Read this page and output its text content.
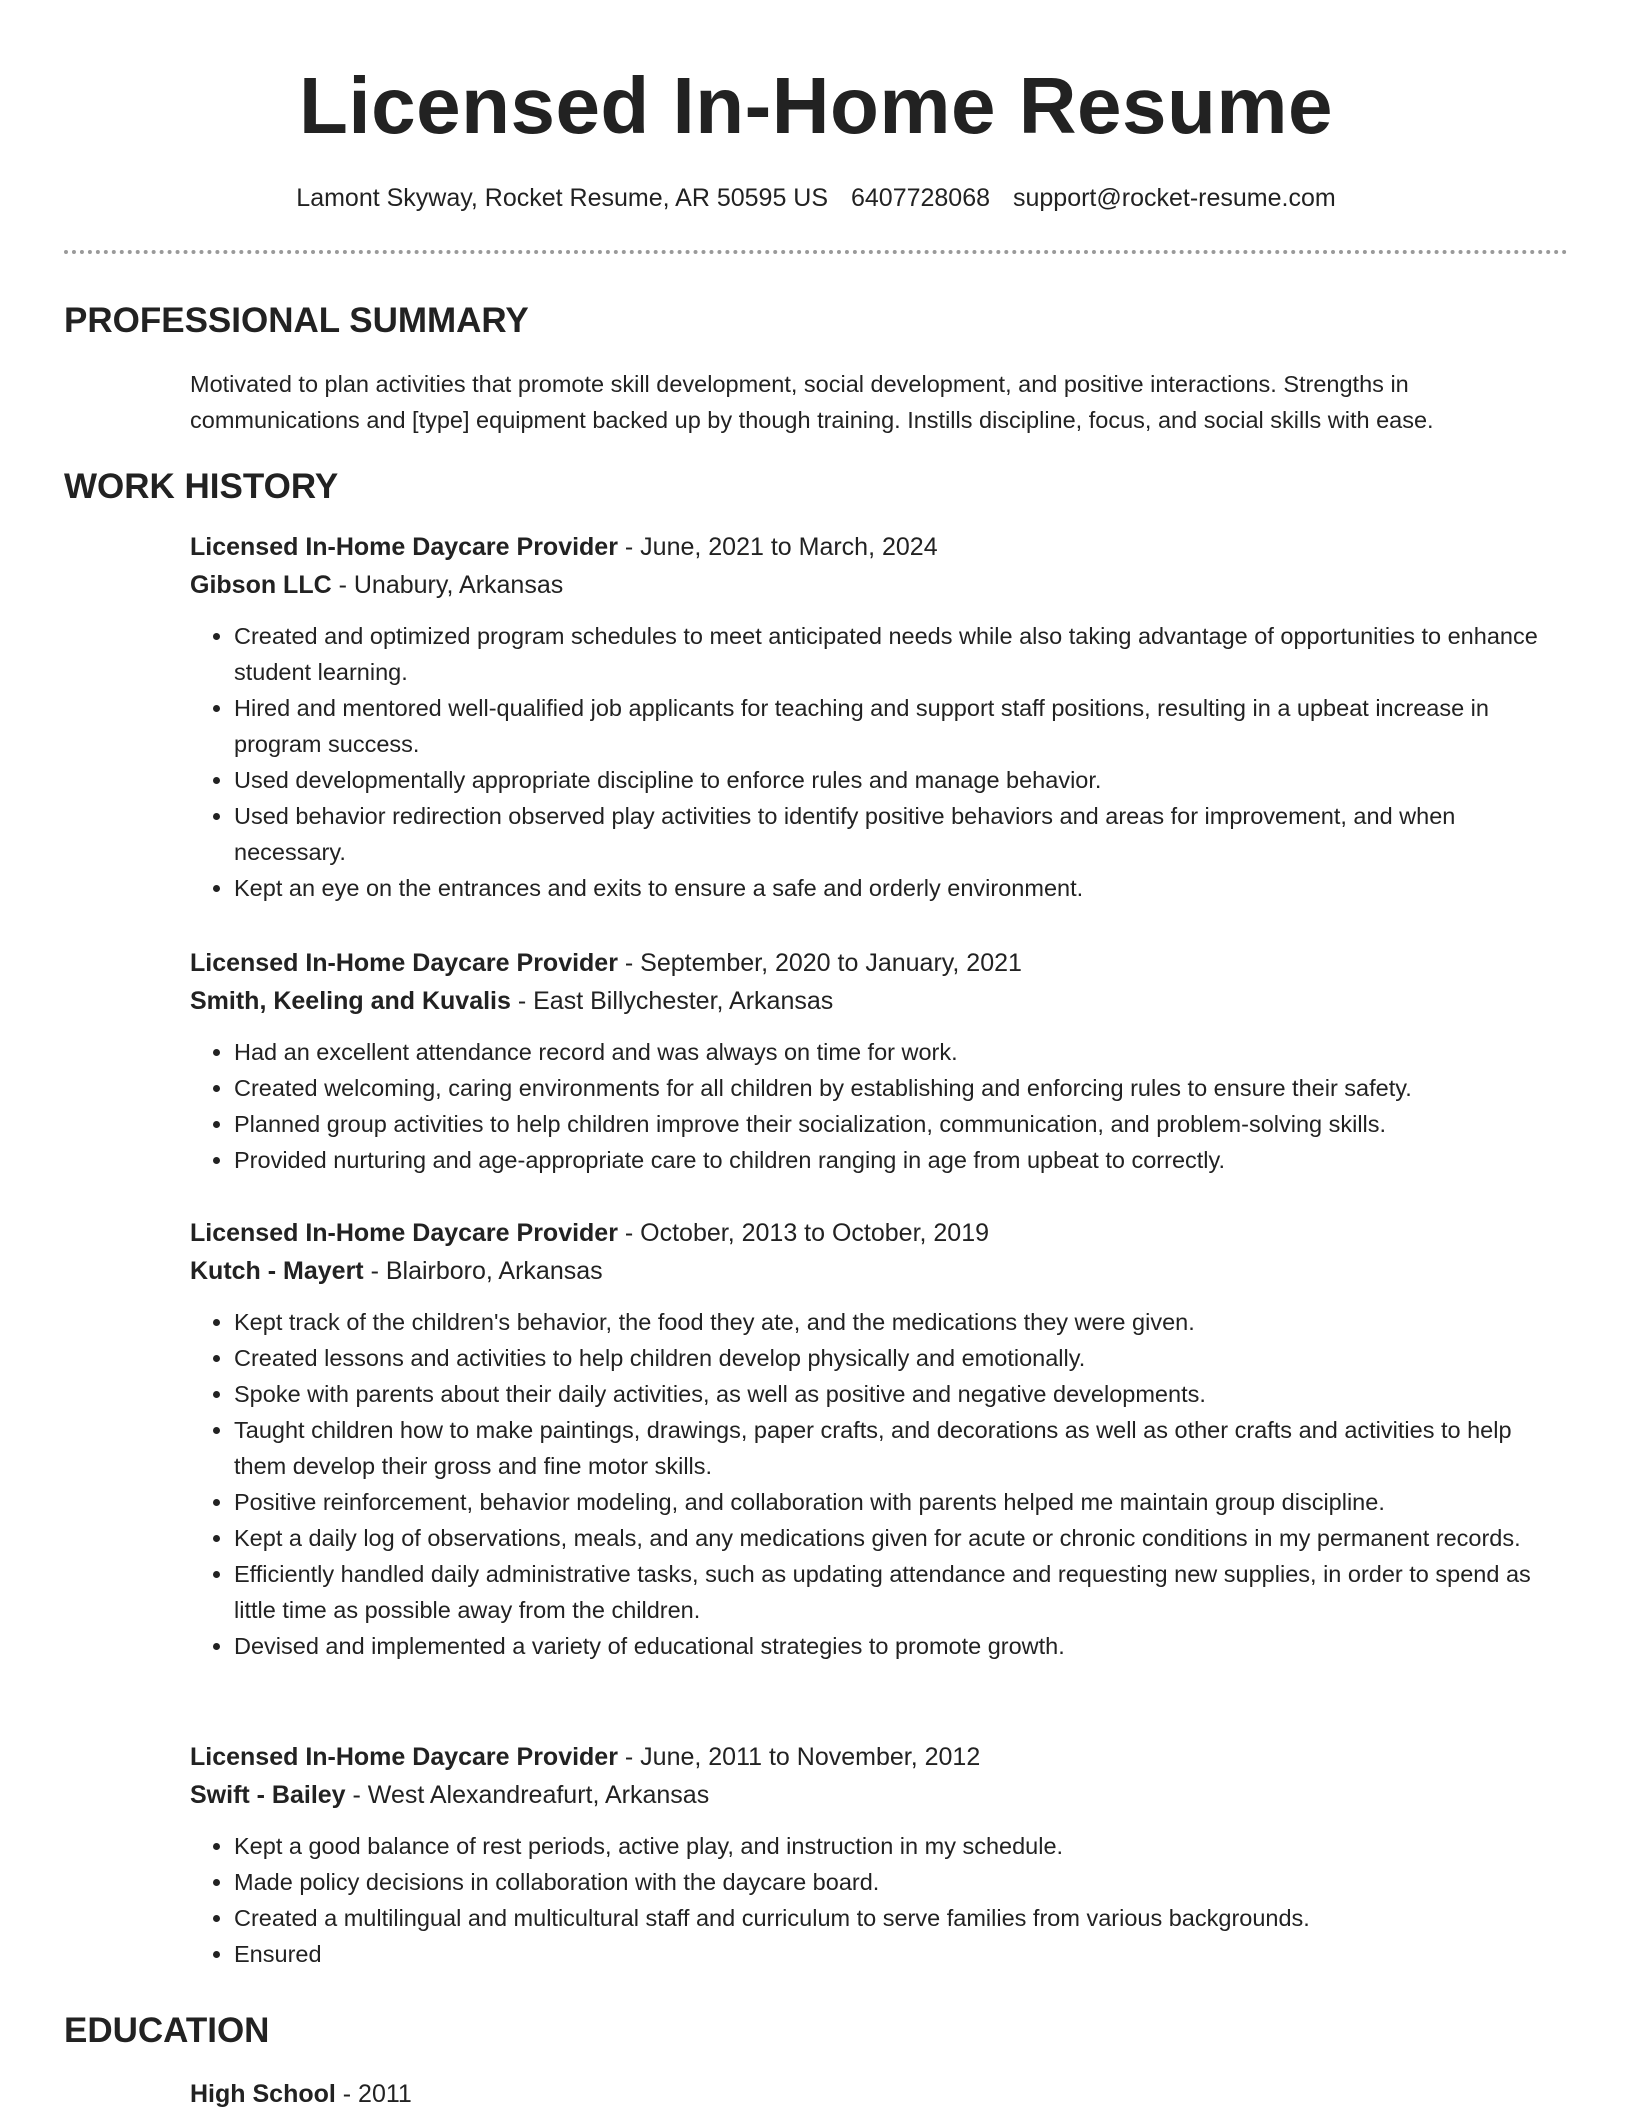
Licensed In-Home Resume
Lamont Skyway, Rocket Resume, AR 50595 US 6407728068 support@rocket-resume.com
PROFESSIONAL SUMMARY

Motivated to plan activities that promote skill development, social development, and positive interactions. Strengths in communications and [type] equipment backed up by though training. Instills discipline, focus, and social skills with ease.

WORK HISTORY

Licensed In-Home Daycare Provider - June, 2021 to March, 2024

Gibson LLC - Unabury, Arkansas

• Created and optimized program schedules to meet anticipated needs while also taking advantage of opportunities to enhance student learning.
• Hired and mentored well-qualified job applicants for teaching and support staff positions, resulting in a upbeat increase in program success.
• Used developmentally appropriate discipline to enforce rules and manage behavior.
• Used behavior redirection observed play activities to identify positive behaviors and areas for improvement, and when necessary.
• Kept an eye on the entrances and exits to ensure a safe and orderly environment.

Licensed In-Home Daycare Provider - September, 2020 to January, 2021

Smith, Keeling and Kuvalis - East Billychester, Arkansas

• Had an excellent attendance record and was always on time for work.
• Created welcoming, caring environments for all children by establishing and enforcing rules to ensure their safety.
• Planned group activities to help children improve their socialization, communication, and problem-solving skills.
• Provided nurturing and age-appropriate care to children ranging in age from upbeat to correctly.

Licensed In-Home Daycare Provider - October, 2013 to October, 2019

Kutch - Mayert - Blairboro, Arkansas

• Kept track of the children's behavior, the food they ate, and the medications they were given.
• Created lessons and activities to help children develop physically and emotionally.
• Spoke with parents about their daily activities, as well as positive and negative developments.
• Taught children how to make paintings, drawings, paper crafts, and decorations as well as other crafts and activities to help them develop their gross and fine motor skills.
• Positive reinforcement, behavior modeling, and collaboration with parents helped me maintain group discipline.
• Kept a daily log of observations, meals, and any medications given for acute or chronic conditions in my permanent records.
• Efficiently handled daily administrative tasks, such as updating attendance and requesting new supplies, in order to spend as little time as possible away from the children.
• Devised and implemented a variety of educational strategies to promote growth.

Licensed In-Home Daycare Provider - June, 2011 to November, 2012

Swift - Bailey - West Alexandreafurt, Arkansas

• Kept a good balance of rest periods, active play, and instruction in my schedule.
• Made policy decisions in collaboration with the daycare board.
• Created a multilingual and multicultural staff and curriculum to serve families from various backgrounds.
• Ensured
EDUCATION

High School - 2011
